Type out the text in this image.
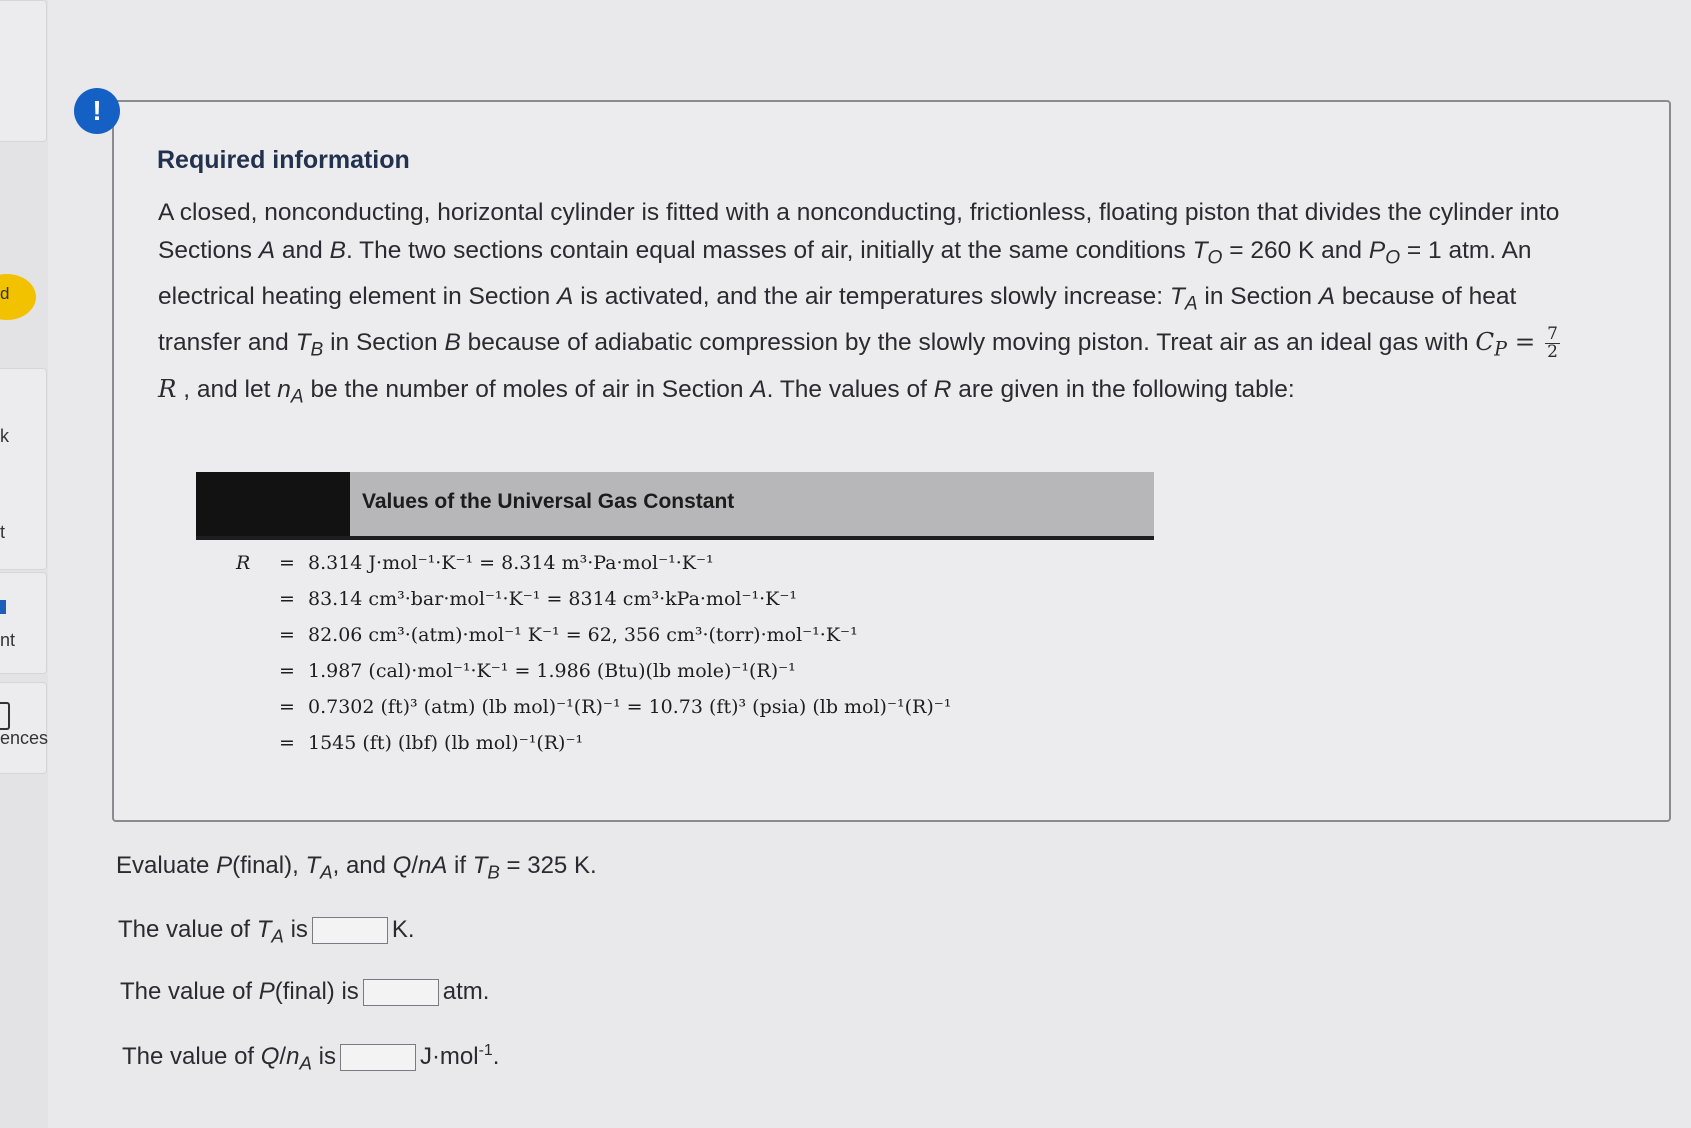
d
k
t
nt
ences
!
Required information
A closed, nonconducting, horizontal cylinder is fitted with a nonconducting, frictionless, floating piston that divides the cylinder into Sections A and B. The two sections contain equal masses of air, initially at the same conditions $T_O = 260$ K and $P_O = 1$ atm. An electrical heating element in Section A is activated, and the air temperatures slowly increase: $T_A$ in Section A because of heat transfer and $T_B$ in Section B because of adiabatic compression by the slowly moving piston. Treat air as an ideal gas with $C_P = \frac{7}{2}$
R , and let $n_A$ be the number of moles of air in Section A. The values of R are given in the following table:
Values of the Universal Gas Constant
R = 8.314 J·mol⁻¹·K⁻¹ = 8.314 m³·Pa·mol⁻¹·K⁻¹
= 83.14 cm³·bar·mol⁻¹·K⁻¹ = 8314 cm³·kPa·mol⁻¹·K⁻¹
= 82.06 cm³·(atm)·mol⁻¹ K⁻¹ = 62, 356 cm³·(torr)·mol⁻¹·K⁻¹
= 1.987 (cal)·mol⁻¹·K⁻¹ = 1.986 (Btu)(lb mole)⁻¹(R)⁻¹
= 0.7302 (ft)³ (atm) (lb mol)⁻¹(R)⁻¹ = 10.73 (ft)³ (psia) (lb mol)⁻¹(R)⁻¹
= 1545 (ft) (lbf) (lb mol)⁻¹(R)⁻¹
Evaluate P(final), $T_A$, and Q/nA if $T_B = 325$ K.
The value of $T_A$ is	K.
The value of P(final) is	atm.
The value of $Q/n_A$ is	J·mol$^{-1}$.
